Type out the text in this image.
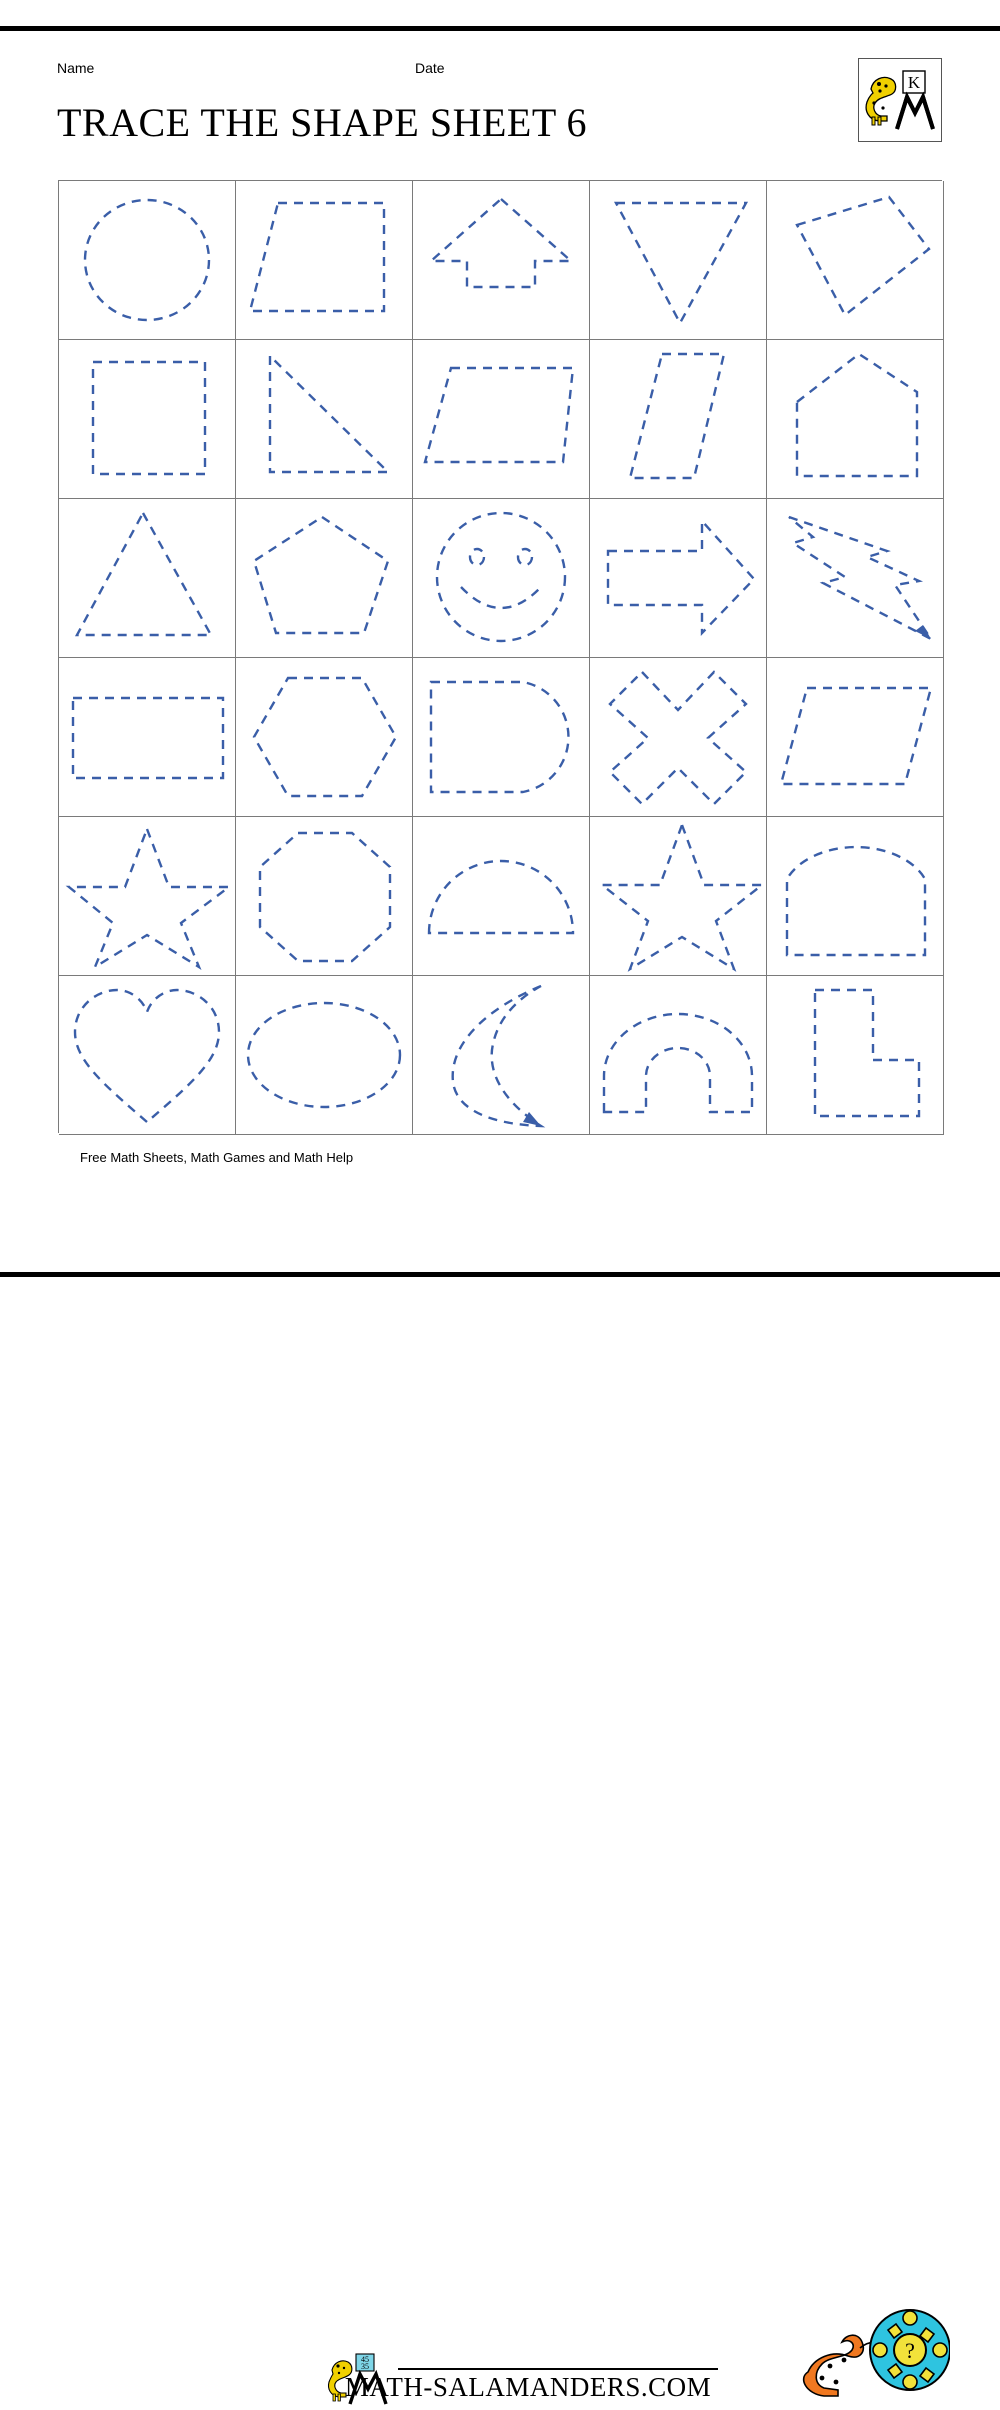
Name	Date
TRACE THE SHAPE SHEET 6
K
45
35
Free Math Sheets, Math Games and Math Help
MATH-SALAMANDERS.COM
?
